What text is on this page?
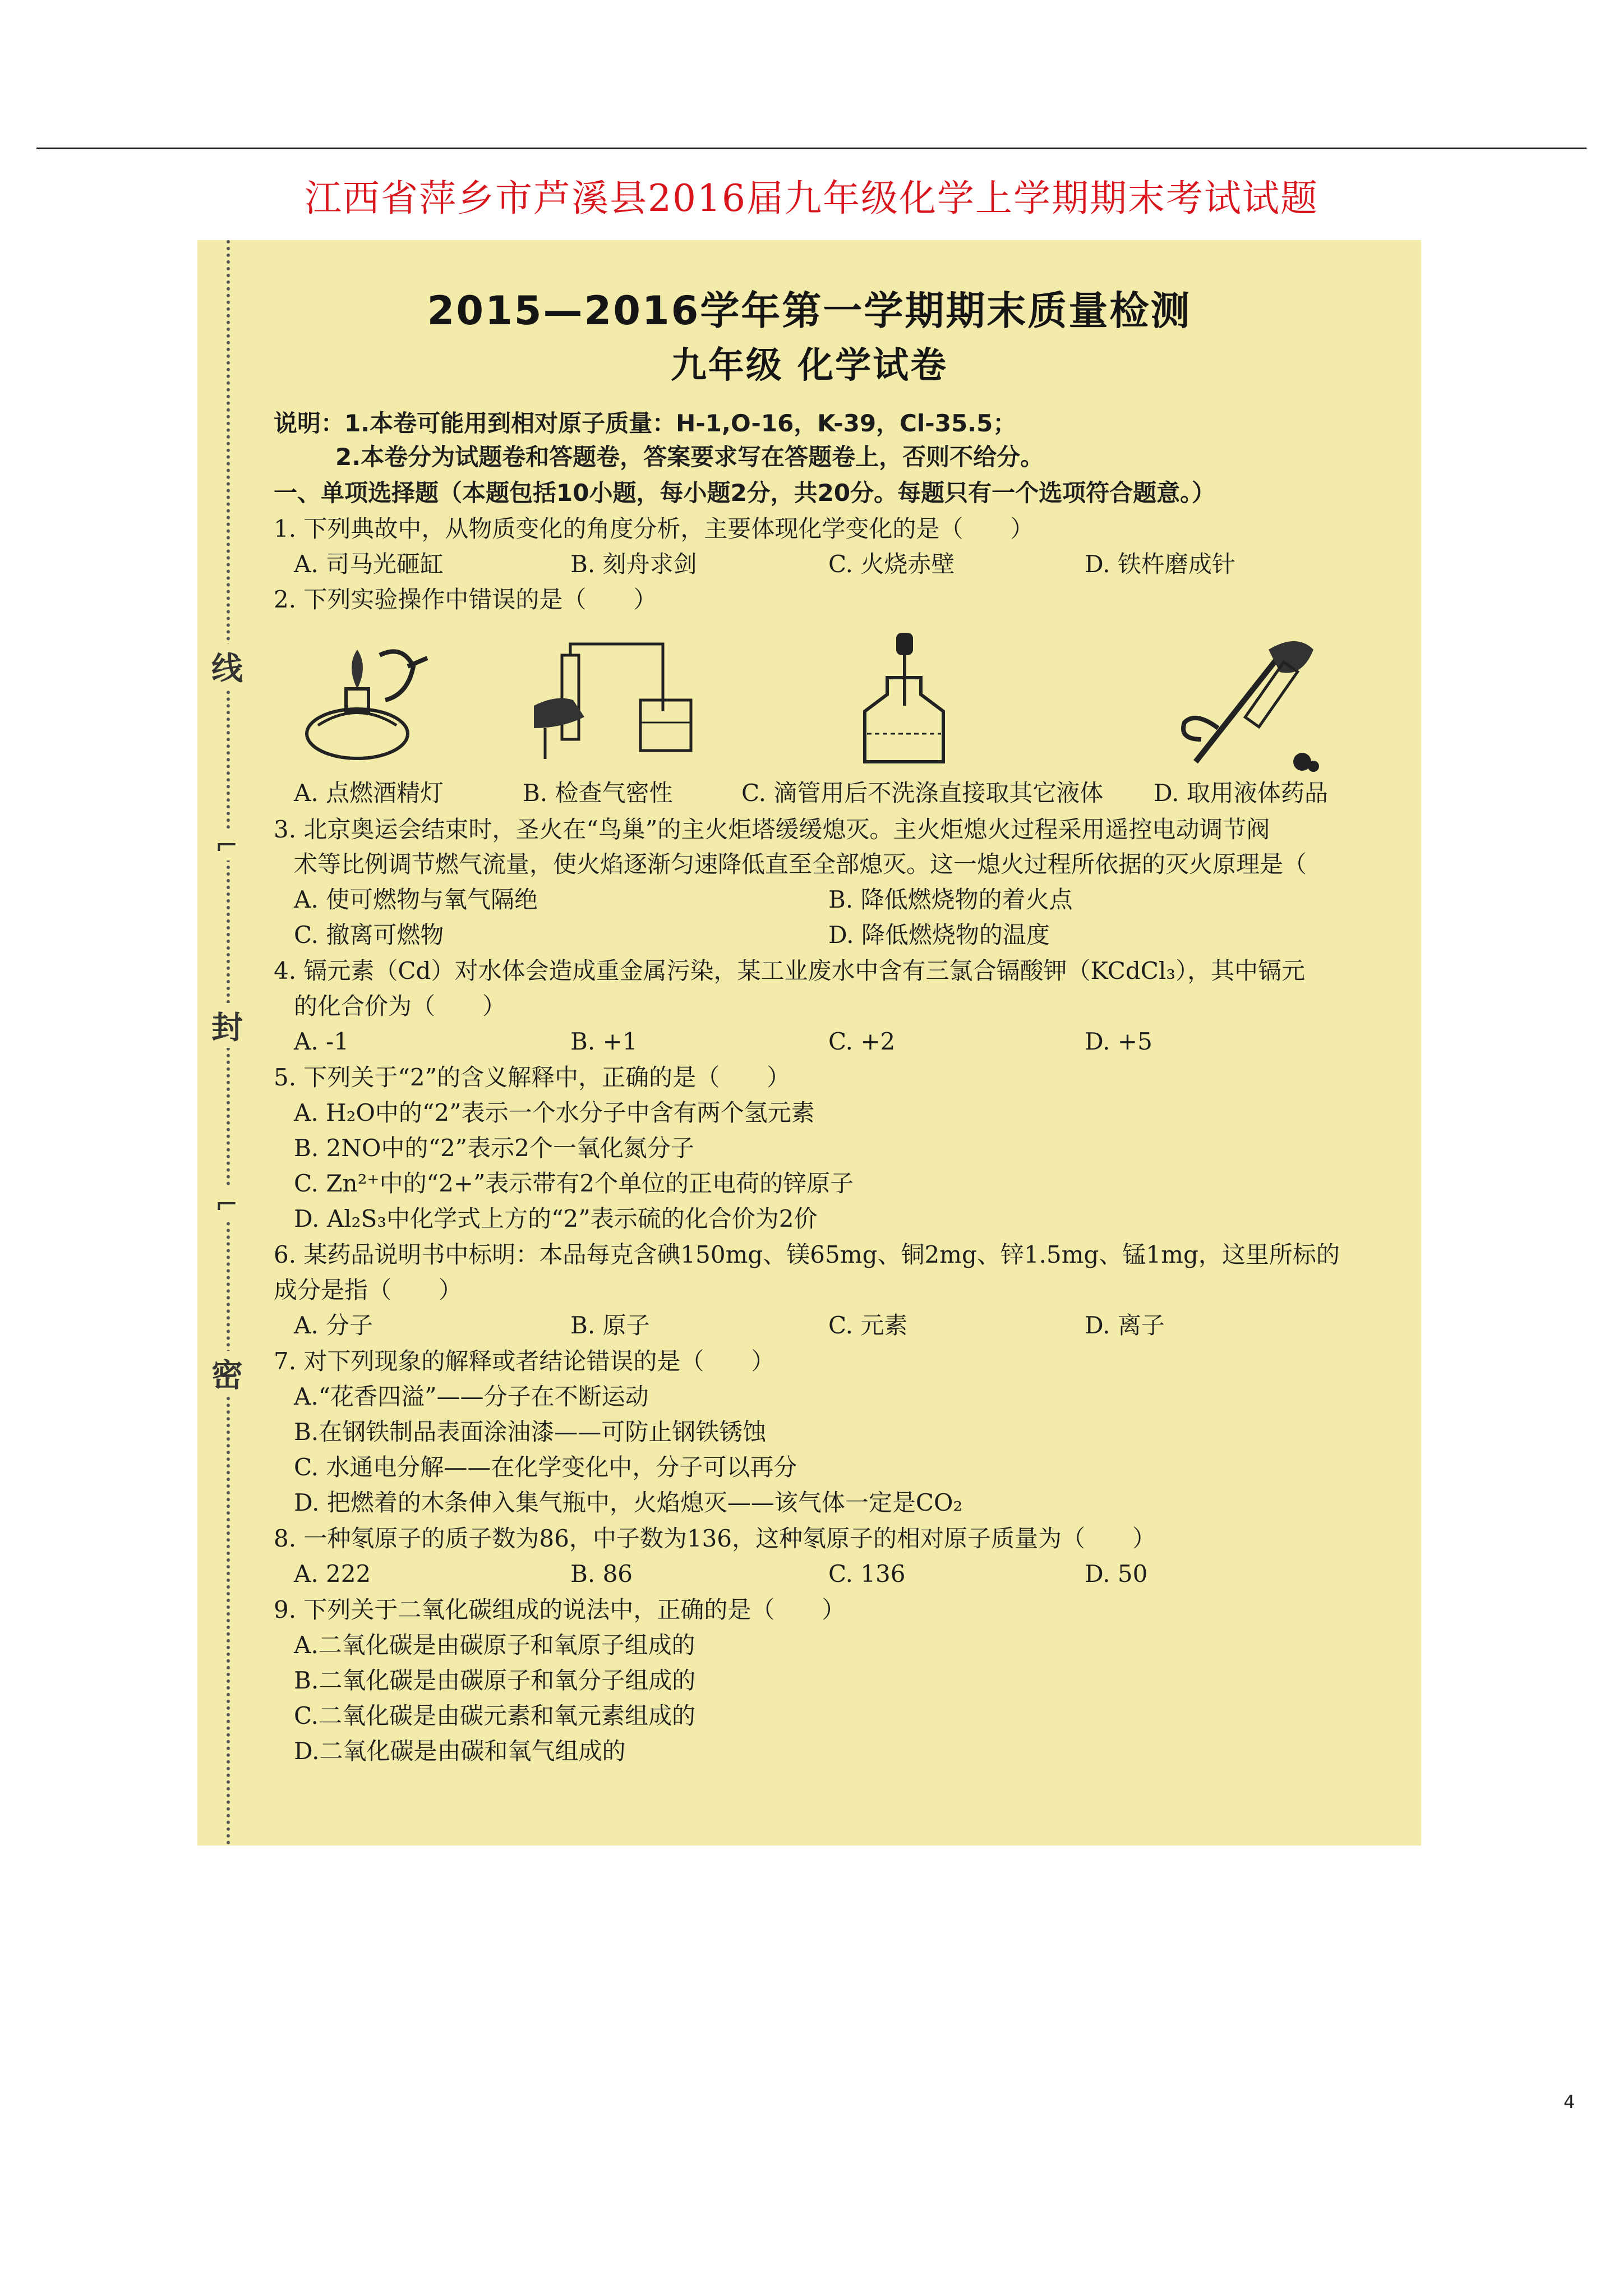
江西省萍乡市芦溪县2016届九年级化学上学期期末考试试题
线
封
密
⌐
⌐
2015—2016学年第一学期期末质量检测
九年级 化学试卷
说明：1.本卷可能用到相对原子质量：H-1,O-16，K-39，Cl-35.5；
2.本卷分为试题卷和答题卷，答案要求写在答题卷上，否则不给分。
一、单项选择题（本题包括10小题，每小题2分，共20分。每题只有一个选项符合题意。）
1. 下列典故中，从物质变化的角度分析，主要体现化学变化的是（　　）
A. 司马光砸缸	B. 刻舟求剑	C. 火烧赤壁	D. 铁杵磨成针
2. 下列实验操作中错误的是（　　）
A. 点燃酒精灯	B. 检查气密性	C. 滴管用后不洗涤直接取其它液体 D. 取用液体药品
3. 北京奥运会结束时，圣火在“鸟巢”的主火炬塔缓缓熄灭。主火炬熄火过程采用遥控电动调节阀
术等比例调节燃气流量，使火焰逐渐匀速降低直至全部熄灭。这一熄火过程所依据的灭火原理是（
A. 使可燃物与氧气隔绝	B. 降低燃烧物的着火点
C. 撤离可燃物	D. 降低燃烧物的温度
4. 镉元素（Cd）对水体会造成重金属污染，某工业废水中含有三氯合镉酸钾（KCdCl₃），其中镉元
的化合价为（　　）
A. -1	B. +1	C. +2	D. +5
5. 下列关于“2”的含义解释中，正确的是（　　）
A. H₂O中的“2”表示一个水分子中含有两个氢元素
B. 2NO中的“2”表示2个一氧化氮分子
C. Zn²⁺中的“2+”表示带有2个单位的正电荷的锌原子
D. Al₂S₃中化学式上方的“2”表示硫的化合价为2价
6. 某药品说明书中标明：本品每克含碘150mg、镁65mg、铜2mg、锌1.5mg、锰1mg，这里所标的
成分是指（　　）
A. 分子	B. 原子	C. 元素	D. 离子
7. 对下列现象的解释或者结论错误的是（　　）
A.“花香四溢”——分子在不断运动
B.在钢铁制品表面涂油漆——可防止钢铁锈蚀
C. 水通电分解——在化学变化中，分子可以再分
D. 把燃着的木条伸入集气瓶中，火焰熄灭——该气体一定是CO₂
8. 一种氡原子的质子数为86，中子数为136，这种氡原子的相对原子质量为（　　）
A. 222	B. 86	C. 136	D. 50
9. 下列关于二氧化碳组成的说法中，正确的是（　　）
A.二氧化碳是由碳原子和氧原子组成的
B.二氧化碳是由碳原子和氧分子组成的
C.二氧化碳是由碳元素和氧元素组成的
D.二氧化碳是由碳和氧气组成的
4
